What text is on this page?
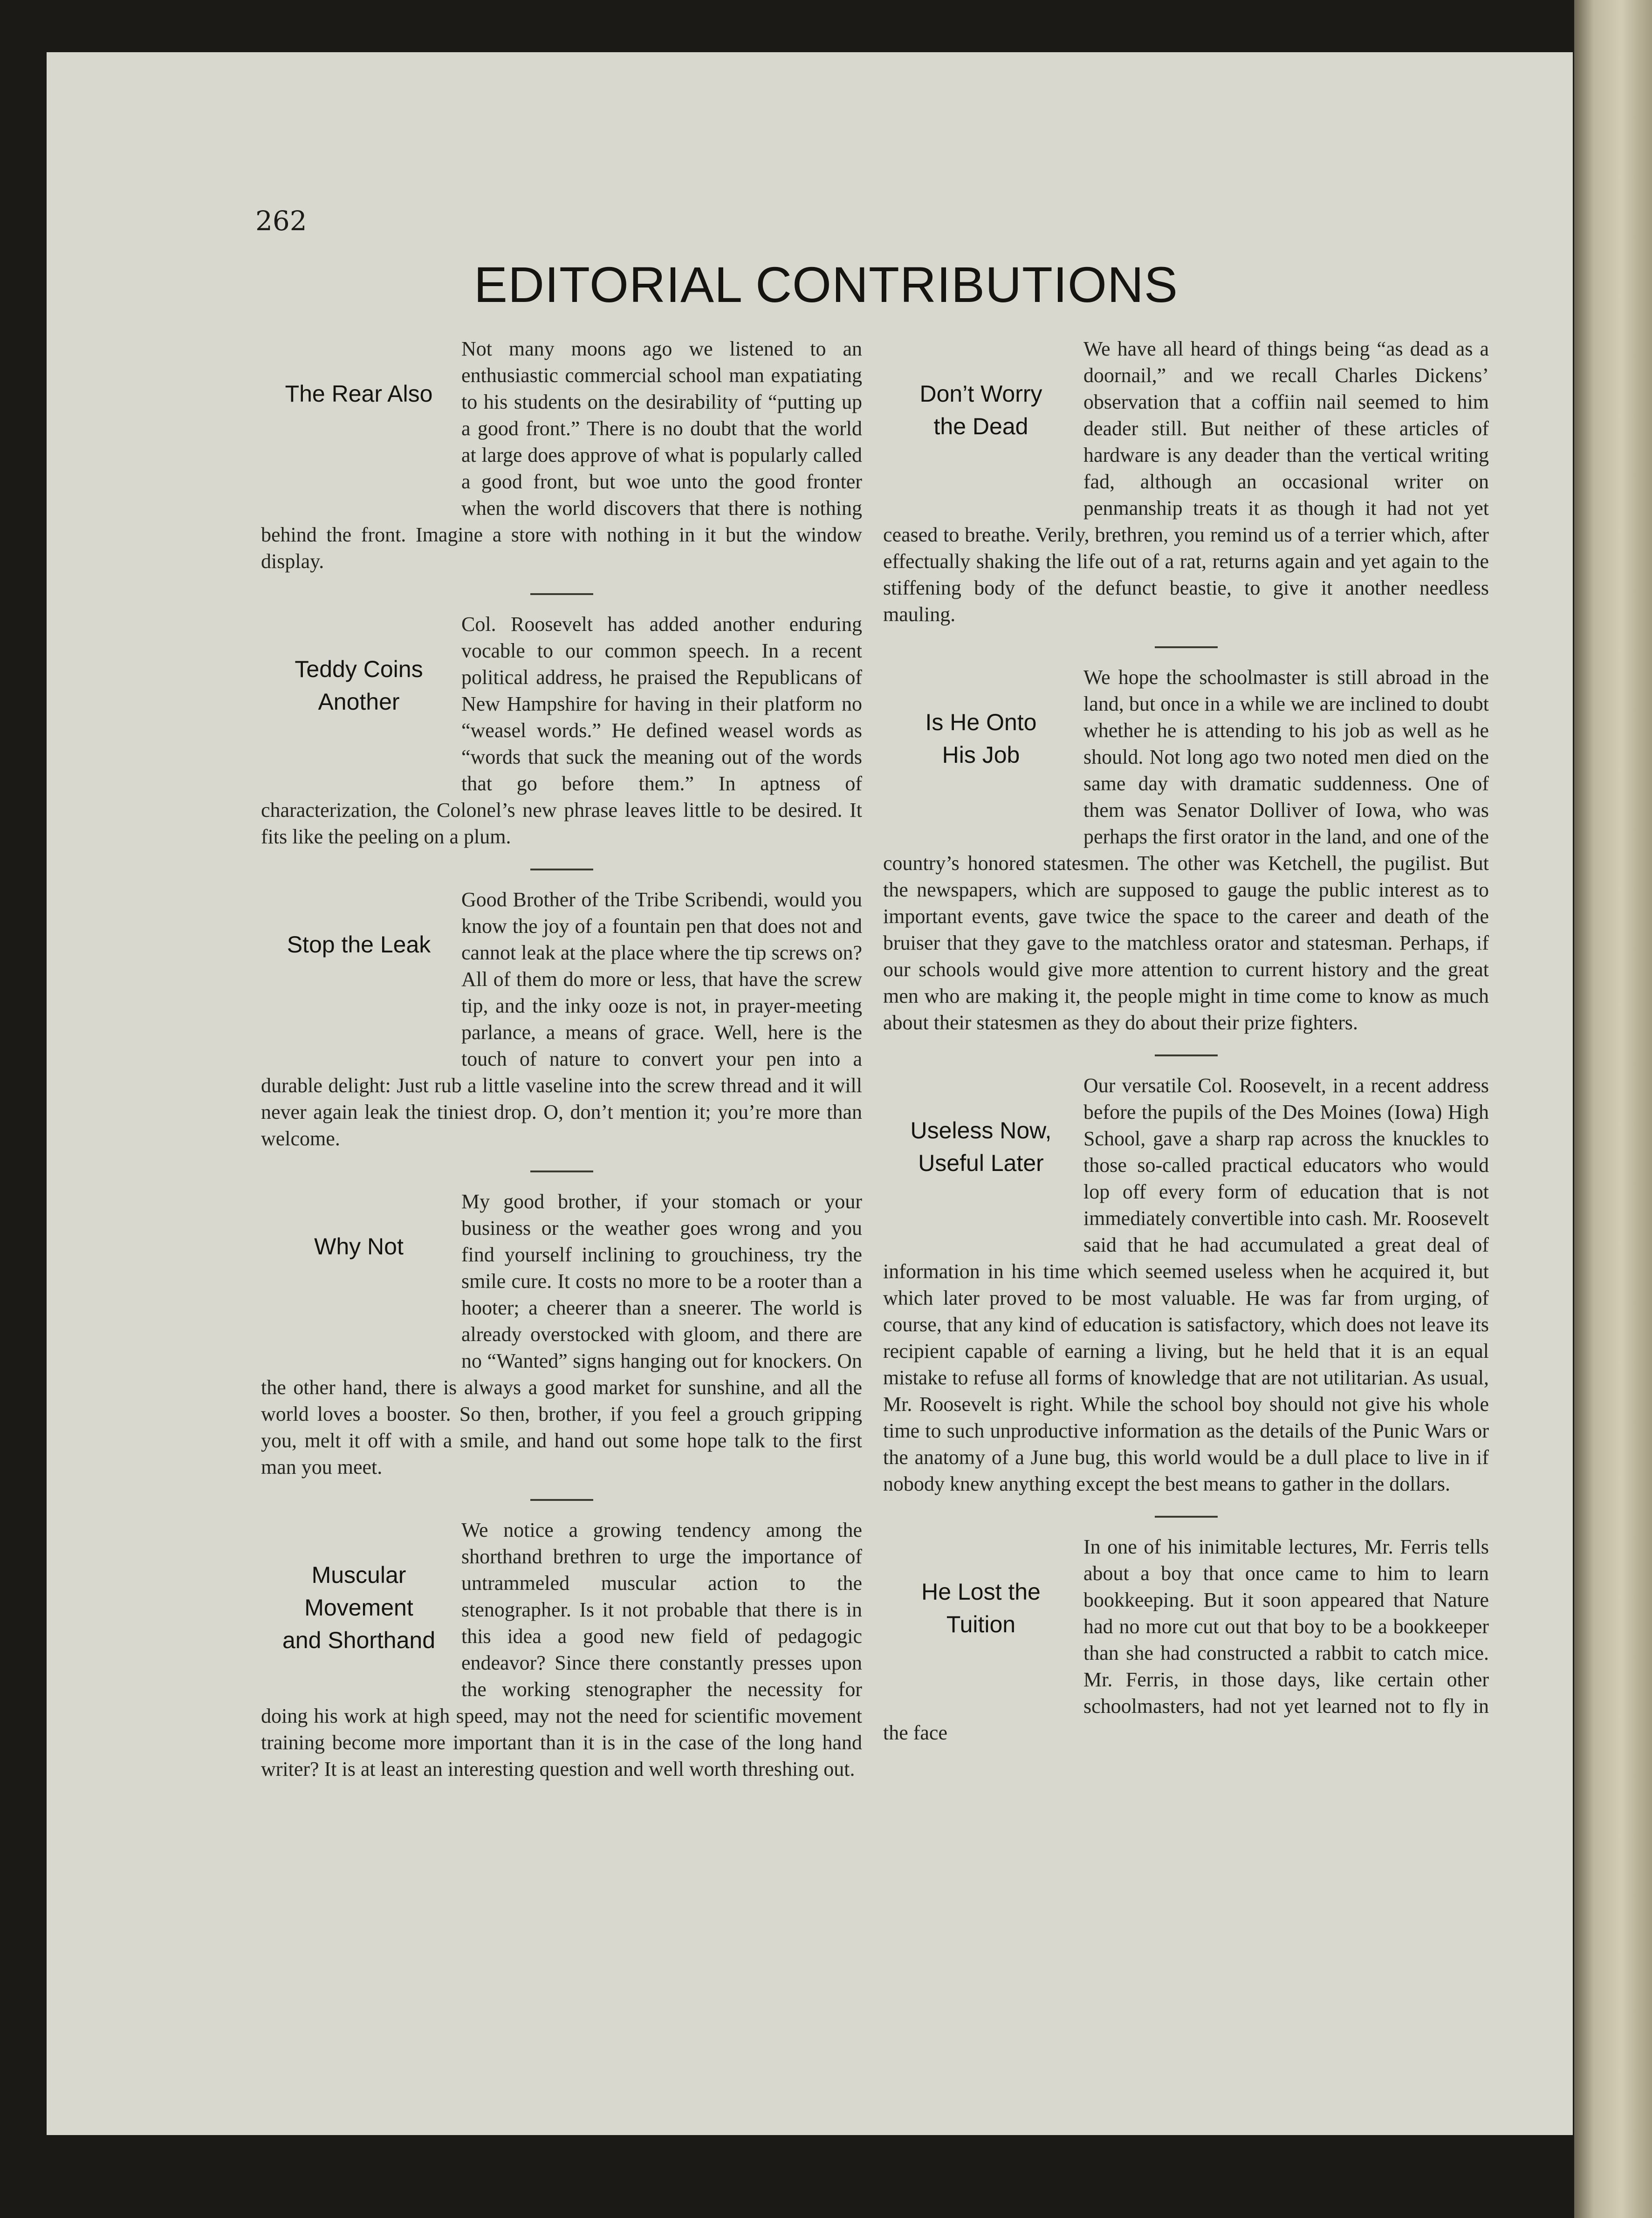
262
EDITORIAL CONTRIBUTIONS
The Rear Also

Not many moons ago we listened to an enthusiastic commercial school man expatiating to his students on the desirability of “putting up a good front.” There is no doubt that the world at large does approve of what is popularly called a good front, but woe unto the good fronter when the world discovers that there is nothing behind the front. Imagine a store with nothing in it but the window display.

Teddy Coins
Another

Col. Roosevelt has added another enduring vocable to our common speech. In a recent political address, he praised the Republicans of New Hampshire for having in their platform no “weasel words.” He defined weasel words as “words that suck the meaning out of the words that go before them.” In aptness of characterization, the Colonel’s new phrase leaves little to be desired. It fits like the peeling on a plum.

Stop the Leak

Good Brother of the Tribe Scribendi, would you know the joy of a fountain pen that does not and cannot leak at the place where the tip screws on? All of them do more or less, that have the screw tip, and the inky ooze is not, in prayer-meeting parlance, a means of grace. Well, here is the touch of nature to convert your pen into a durable delight: Just rub a little vaseline into the screw thread and it will never again leak the tiniest drop. O, don’t mention it; you’re more than welcome.

Why Not

My good brother, if your stomach or your business or the weather goes wrong and you find yourself inclining to grouchiness, try the smile cure. It costs no more to be a rooter than a hooter; a cheerer than a sneerer. The world is already overstocked with gloom, and there are no “Wanted” signs hanging out for knockers. On the other hand, there is always a good market for sunshine, and all the world loves a booster. So then, brother, if you feel a grouch gripping you, melt it off with a smile, and hand out some hope talk to the first man you meet.

Muscular Movement
and Shorthand

We notice a growing tendency among the shorthand brethren to urge the importance of untrammeled muscular action to the stenographer. Is it not probable that there is in this idea a good new field of pedagogic endeavor? Since there constantly presses upon the working stenographer the necessity for doing his work at high speed, may not the need for scientific movement training become more important than it is in the case of the long hand writer? It is at least an interesting question and well worth threshing out.

Don’t Worry
the Dead

We have all heard of things being “as dead as a doornail,” and we recall Charles Dickens’ observation that a coffiin nail seemed to him deader still. But neither of these articles of hardware is any deader than the vertical writing fad, although an occasional writer on penmanship treats it as though it had not yet ceased to breathe. Verily, brethren, you remind us of a terrier which, after effectually shaking the life out of a rat, returns again and yet again to the stiffening body of the defunct beastie, to give it another needless mauling.

Is He Onto
His Job

We hope the schoolmaster is still abroad in the land, but once in a while we are inclined to doubt whether he is attending to his job as well as he should. Not long ago two noted men died on the same day with dramatic suddenness. One of them was Senator Dolliver of Iowa, who was perhaps the first orator in the land, and one of the country’s honored statesmen. The other was Ketchell, the pugilist. But the newspapers, which are supposed to gauge the public interest as to important events, gave twice the space to the career and death of the bruiser that they gave to the matchless orator and statesman. Perhaps, if our schools would give more attention to current history and the great men who are making it, the people might in time come to know as much about their statesmen as they do about their prize fighters.

Useless Now,
Useful Later

Our versatile Col. Roosevelt, in a recent address before the pupils of the Des Moines (Iowa) High School, gave a sharp rap across the knuckles to those so-called practical educators who would lop off every form of education that is not immediately convertible into cash. Mr. Roosevelt said that he had accumulated a great deal of information in his time which seemed useless when he acquired it, but which later proved to be most valuable. He was far from urging, of course, that any kind of education is satisfactory, which does not leave its recipient capable of earning a living, but he held that it is an equal mistake to refuse all forms of knowledge that are not utilitarian. As usual, Mr. Roosevelt is right. While the school boy should not give his whole time to such unproductive information as the details of the Punic Wars or the anatomy of a June bug, this world would be a dull place to live in if nobody knew anything except the best means to gather in the dollars.

He Lost the
Tuition

In one of his inimitable lectures, Mr. Ferris tells about a boy that once came to him to learn bookkeeping. But it soon appeared that Nature had no more cut out that boy to be a bookkeeper than she had constructed a rabbit to catch mice. Mr. Ferris, in those days, like certain other schoolmasters, had not yet learned not to fly in the face
